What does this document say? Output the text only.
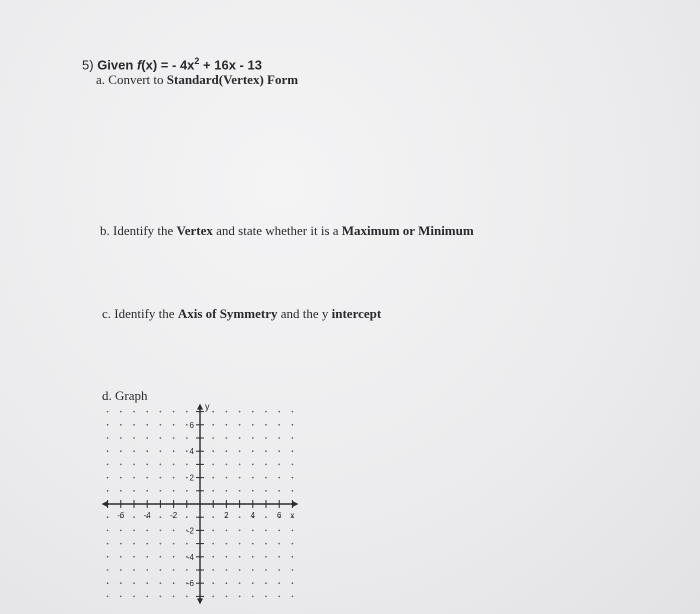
5) Given f(x) = - $4x^2 + 16x - 13$
a. Convert to Standard(Vertex) Form
b. Identify the Vertex and state whether it is a Maximum or Minimum
c. Identify the Axis of Symmetry and the y intercept
d. Graph
-6 -4 -2	2	4	6
6
4
2
-2
-4
-6
x
y
